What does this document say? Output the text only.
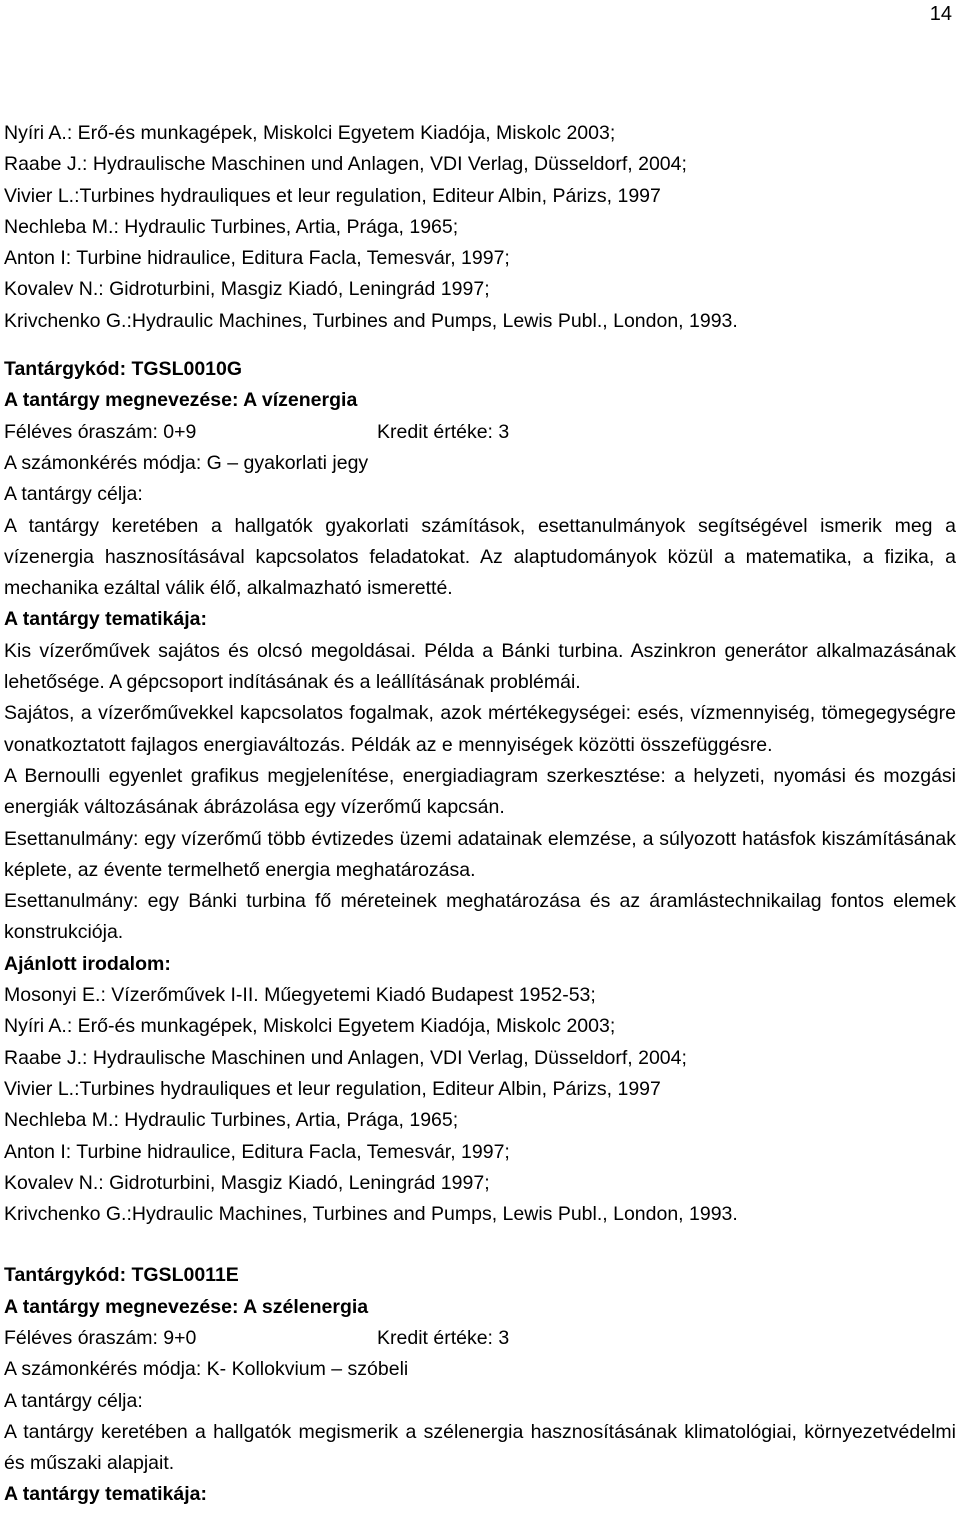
14
Nyíri A.: Erő-és munkagépek, Miskolci Egyetem Kiadója, Miskolc 2003;
Raabe J.: Hydraulische Maschinen und Anlagen, VDI Verlag, Düsseldorf, 2004;
Vivier L.:Turbines hydrauliques et leur regulation, Editeur Albin, Párizs, 1997
Nechleba M.: Hydraulic Turbines, Artia, Prága, 1965;
Anton I: Turbine hidraulice, Editura Facla, Temesvár, 1997;
Kovalev N.: Gidroturbini, Masgiz Kiadó, Leningrád 1997;
Krivchenko G.:Hydraulic Machines, Turbines and Pumps, Lewis Publ., London, 1993.
Tantárgykód: TGSL0010G
A tantárgy megnevezése: A vízenergia
Féléves óraszám: 0+9	Kredit értéke: 3
A számonkérés módja: G – gyakorlati jegy
A tantárgy célja:

A tantárgy keretében a hallgatók gyakorlati számítások, esettanulmányok segítségével ismerik meg a vízenergia hasznosításával kapcsolatos feladatokat. Az alaptudományok közül a matematika, a fizika, a mechanika ezáltal válik élő, alkalmazható ismeretté.

A tantárgy tematikája:

Kis vízerőművek sajátos és olcsó megoldásai. Példa a Bánki turbina. Aszinkron generátor alkalmazásának lehetősége. A gépcsoport indításának és a leállításának problémái.

Sajátos, a vízerőművekkel kapcsolatos fogalmak, azok mértékegységei: esés, vízmennyiség, tömegegységre vonatkoztatott fajlagos energiaváltozás. Példák az e mennyiségek közötti összefüggésre.

A Bernoulli egyenlet grafikus megjelenítése, energiadiagram szerkesztése: a helyzeti, nyomási és mozgási energiák változásának ábrázolása egy vízerőmű kapcsán.

Esettanulmány: egy vízerőmű több évtizedes üzemi adatainak elemzése, a súlyozott hatásfok kiszámításának képlete, az évente termelhető energia meghatározása.

Esettanulmány: egy Bánki turbina fő méreteinek meghatározása és az áramlástechnikailag fontos elemek konstrukciója.

Ajánlott irodalom:
Mosonyi E.: Vízerőművek I-II. Műegyetemi Kiadó Budapest 1952-53;
Nyíri A.: Erő-és munkagépek, Miskolci Egyetem Kiadója, Miskolc 2003;
Raabe J.: Hydraulische Maschinen und Anlagen, VDI Verlag, Düsseldorf, 2004;
Vivier L.:Turbines hydrauliques et leur regulation, Editeur Albin, Párizs, 1997
Nechleba M.: Hydraulic Turbines, Artia, Prága, 1965;
Anton I: Turbine hidraulice, Editura Facla, Temesvár, 1997;
Kovalev N.: Gidroturbini, Masgiz Kiadó, Leningrád 1997;
Krivchenko G.:Hydraulic Machines, Turbines and Pumps, Lewis Publ., London, 1993.
Tantárgykód: TGSL0011E
A tantárgy megnevezése: A szélenergia
Féléves óraszám: 9+0	Kredit értéke: 3
A számonkérés módja: K- Kollokvium – szóbeli
A tantárgy célja:

A tantárgy keretében a hallgatók megismerik a szélenergia hasznosításának klimatológiai, környezetvédelmi és műszaki alapjait.

A tantárgy tematikája:
